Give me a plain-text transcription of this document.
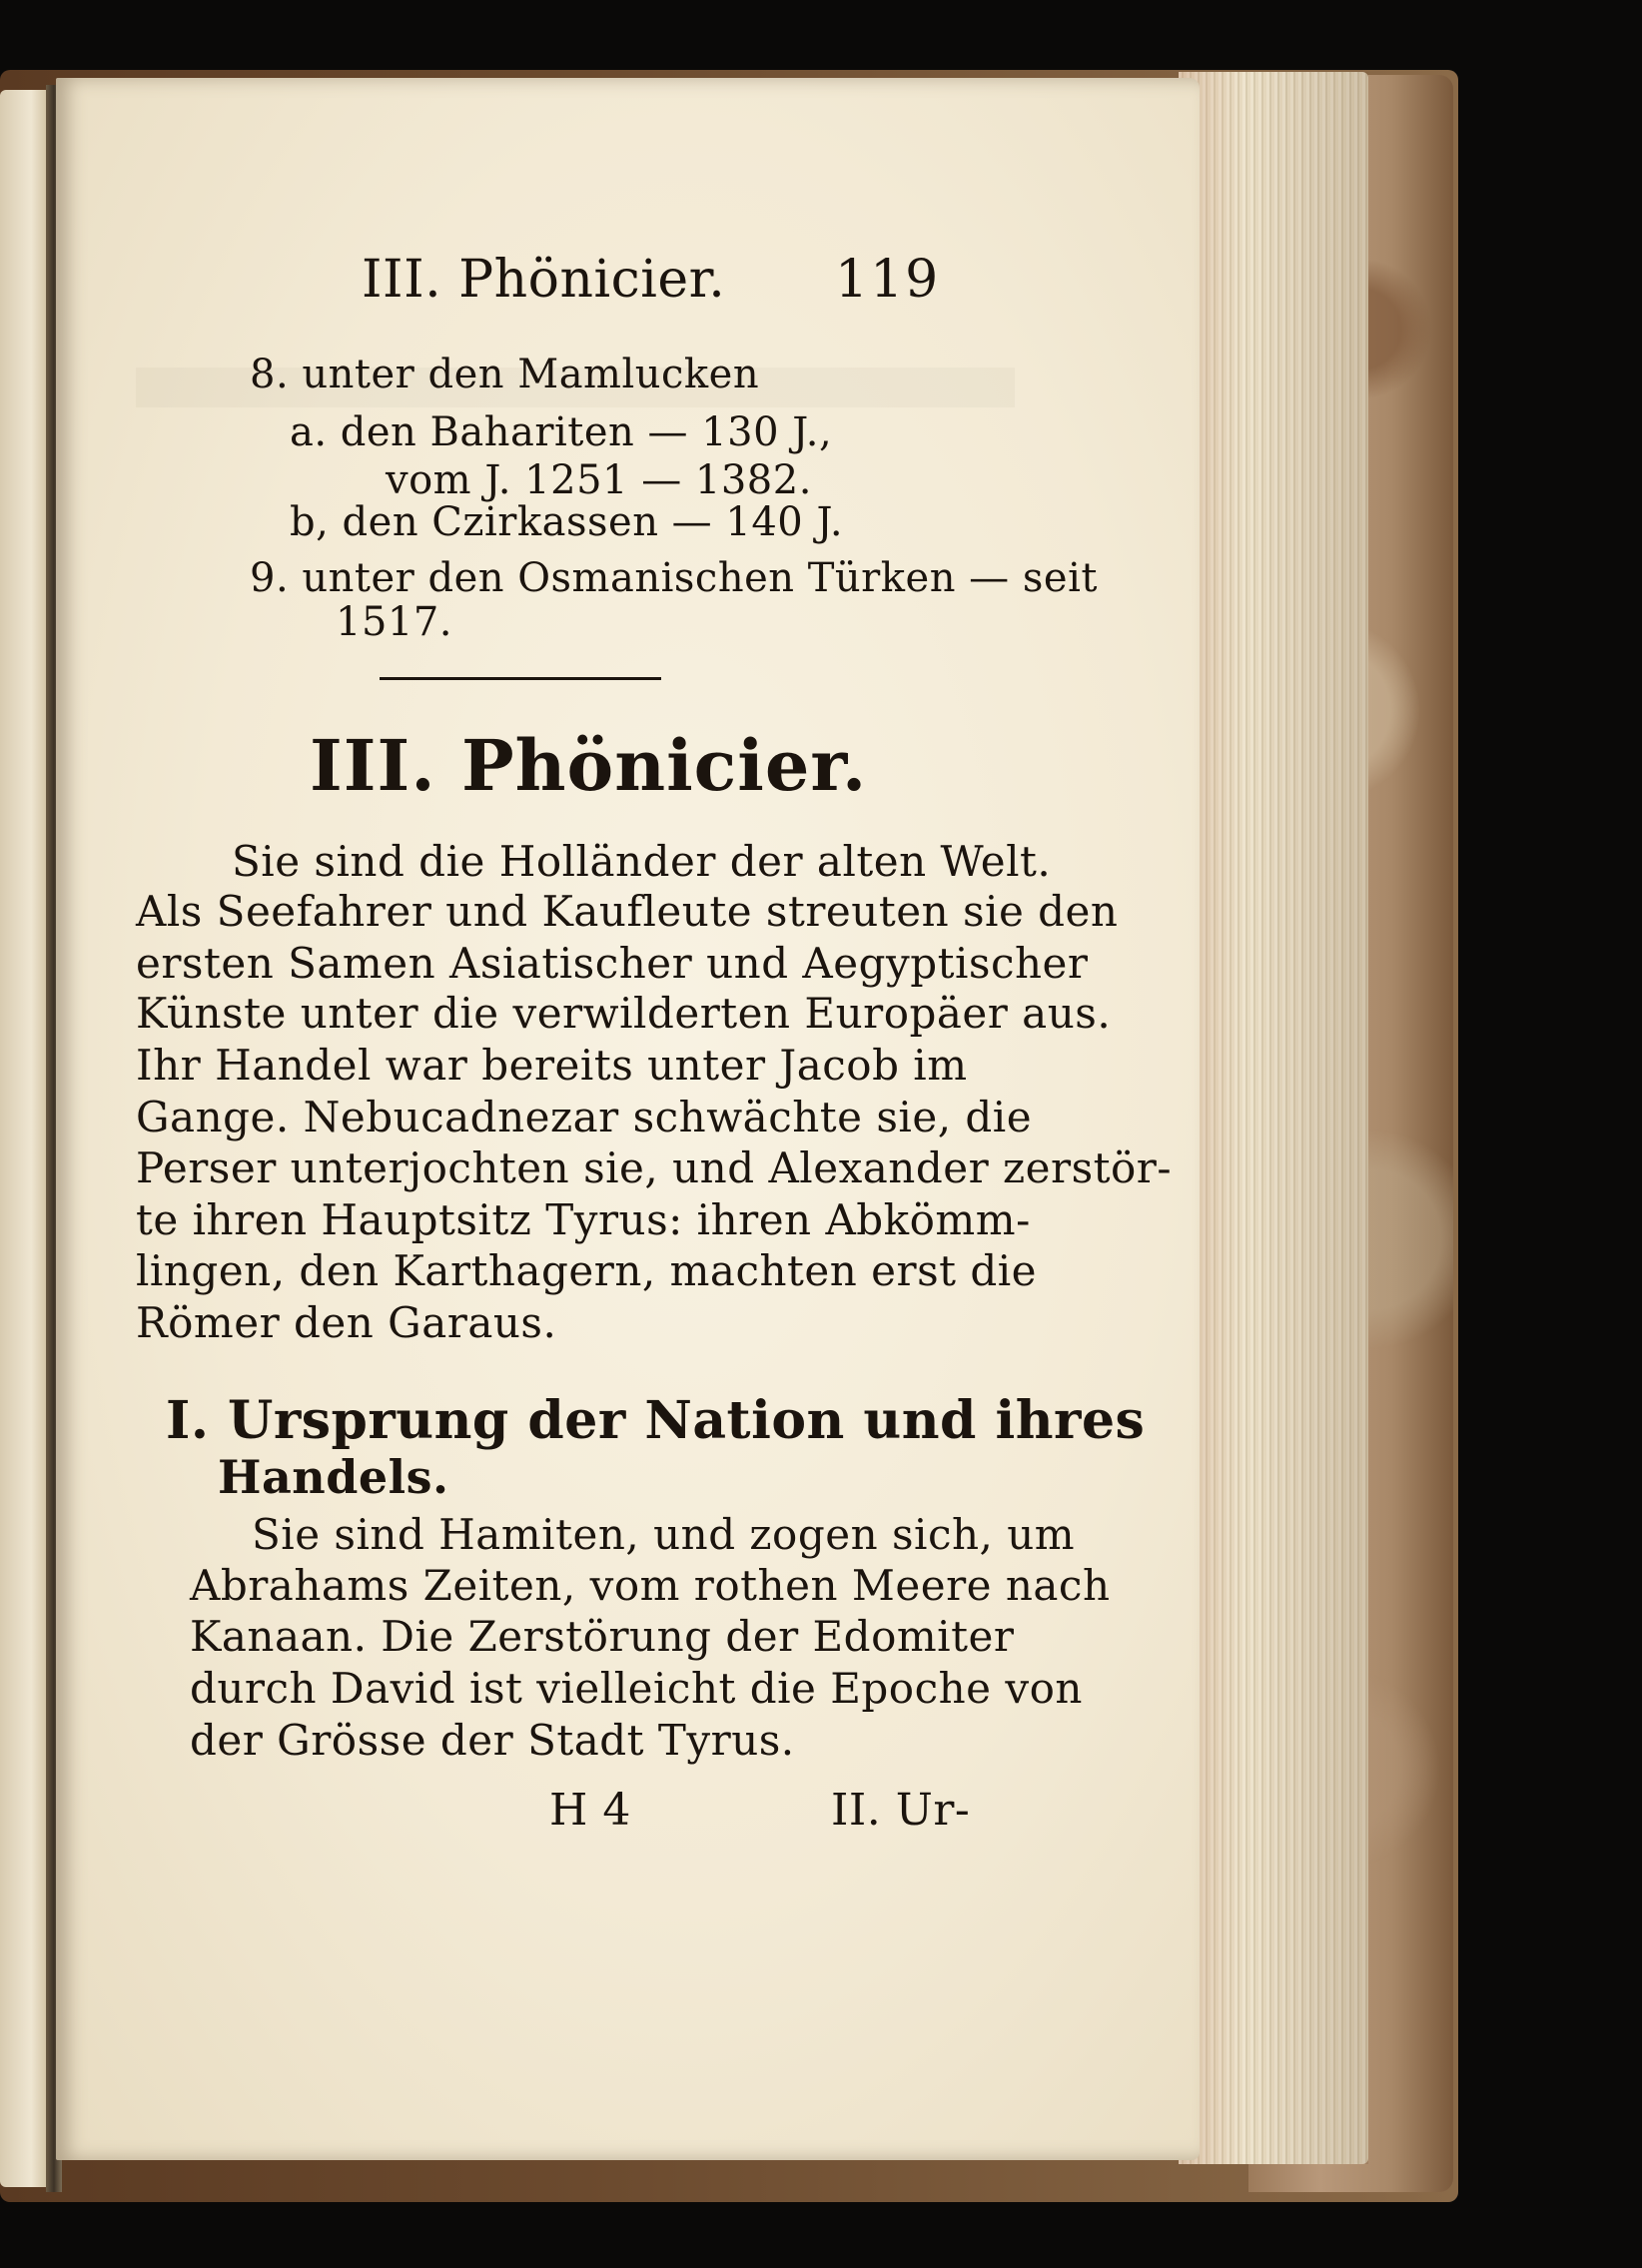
III. Phönicier. 119
8. unter den Mamlucken
a. den Bahariten — 130 J.,
vom J. 1251 — 1382.
b, den Czirkassen — 140 J.
9. unter den Osmanischen Türken — seit
1517.
III. Phönicier.
Sie sind die Holländer der alten Welt.
Als Seefahrer und Kaufleute streuten sie den
ersten Samen Asiatischer und Aegyptischer
Künste unter die verwilderten Europäer aus.
Ihr Handel war bereits unter Jacob im
Gange. Nebucadnezar schwächte sie, die
Perser unterjochten sie, und Alexander zerstör-
te ihren Hauptsitz Tyrus: ihren Abkömm-
lingen, den Karthagern, machten erst die
Römer den Garaus.
I. Ursprung der Nation und ihres
Handels.
Sie sind Hamiten, und zogen sich, um
Abrahams Zeiten, vom rothen Meere nach
Kanaan. Die Zerstörung der Edomiter
durch David ist vielleicht die Epoche von
der Grösse der Stadt Tyrus.
H 4	II. Ur-
